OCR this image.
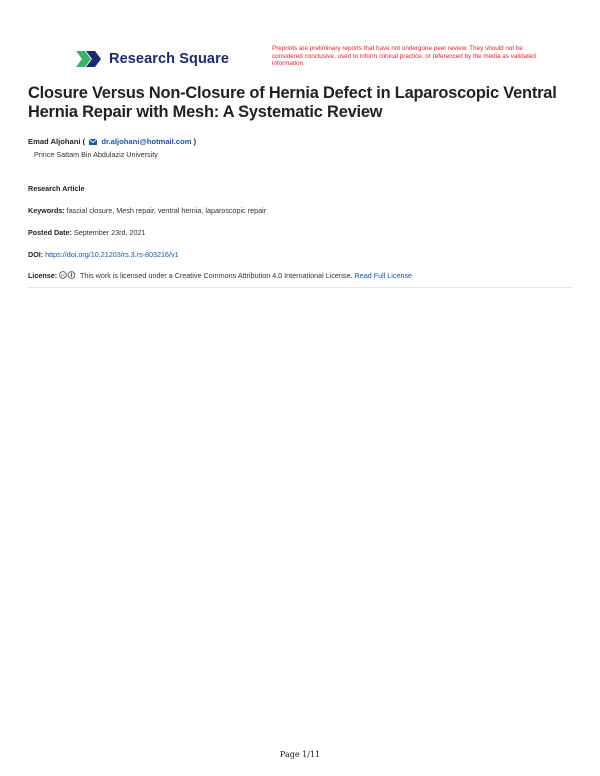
Research Square
Preprints are preliminary reports that have not undergone peer review. They should not be considered conclusive, used to inform clinical practice, or referenced by the media as validated information.
Closure Versus Non-Closure of Hernia Defect in Laparoscopic Ventral Hernia Repair with Mesh: A Systematic Review
Emad Aljohani ( dr.aljohani@hotmail.com )
Prince Sattam Bin Abdulaziz University
Research Article
Keywords: fascial closure, Mesh repair, ventral hernia, laparoscopic repair
Posted Date: September 23rd, 2021
DOI: https://doi.org/10.21203/rs.3.rs-803216/v1
License: cc This work is licensed under a Creative Commons Attribution 4.0 International License. Read Full License
Page 1/11
